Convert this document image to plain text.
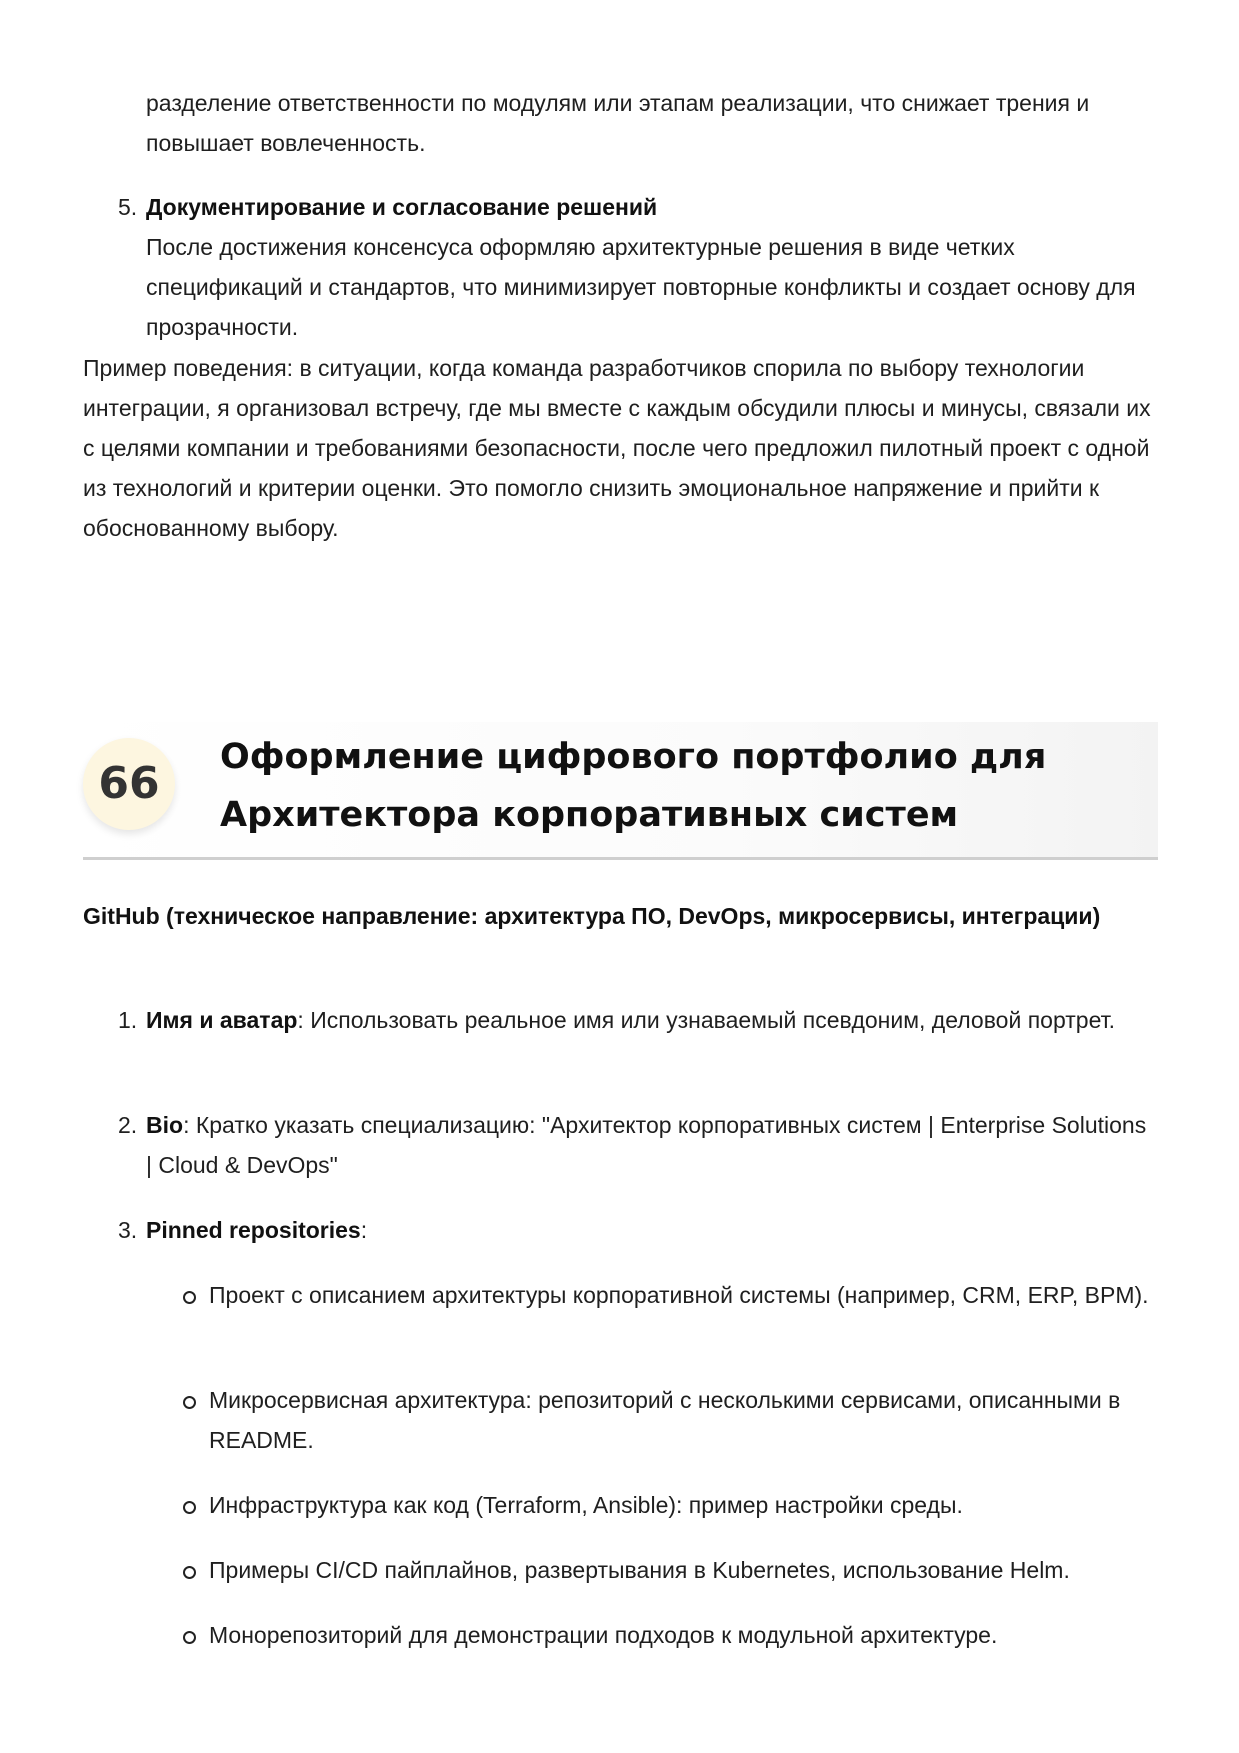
разделение ответственности по модулям или этапам реализации, что снижает трения и повышает вовлеченность.

5. Документирование и согласование решений
После достижения консенсуса оформляю архитектурные решения в виде четких спецификаций и стандартов, что минимизирует повторные конфликты и создает основу для прозрачности.

Пример поведения: в ситуации, когда команда разработчиков спорила по выбору технологии интеграции, я организовал встречу, где мы вместе с каждым обсудили плюсы и минусы, связали их с целями компании и требованиями безопасности, после чего предложил пилотный проект с одной из технологий и критерии оценки. Это помогло снизить эмоциональное напряжение и прийти к обоснованному выбору.

66
Оформление цифрового портфолио для
Архитектора корпоративных систем

GitHub (техническое направление: архитектура ПО, DevOps, микросервисы, интеграции)

1. Имя и аватар: Использовать реальное имя или узнаваемый псевдоним, деловой портрет.
2. Bio: Кратко указать специализацию: "Архитектор корпоративных систем | Enterprise Solutions | Cloud & DevOps"
3. Pinned repositories:
Проект с описанием архитектуры корпоративной системы (например, CRM, ERP, BPM).
Микросервисная архитектура: репозиторий с несколькими сервисами, описанными в README.
Инфраструктура как код (Terraform, Ansible): пример настройки среды.
Примеры CI/CD пайплайнов, развертывания в Kubernetes, использование Helm.
Монорепозиторий для демонстрации подходов к модульной архитектуре.
